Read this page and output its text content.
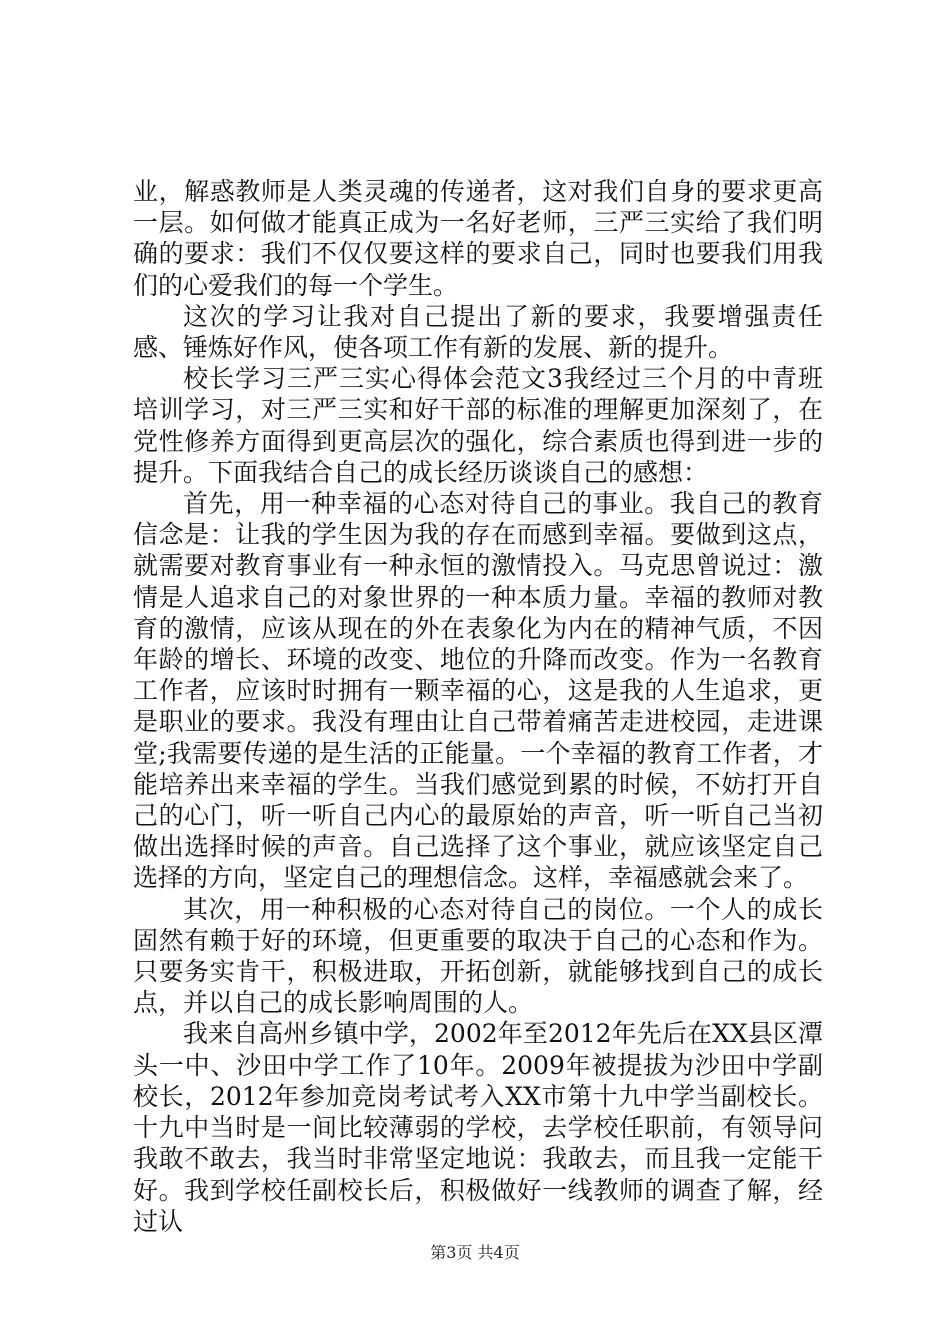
业，解惑教师是人类灵魂的传递者，这对我们自身的要求更高一层。如何做才能真正成为一名好老师，三严三实给了我们明确的要求：我们不仅仅要这样的要求自己，同时也要我们用我们的心爱我们的每一个学生。

这次的学习让我对自己提出了新的要求，我要增强责任感、锤炼好作风，使各项工作有新的发展、新的提升。

校长学习三严三实心得体会范文3我经过三个月的中青班培训学习，对三严三实和好干部的标准的理解更加深刻了，在党性修养方面得到更高层次的强化，综合素质也得到进一步的提升。下面我结合自己的成长经历谈谈自己的感想：

首先，用一种幸福的心态对待自己的事业。我自己的教育信念是：让我的学生因为我的存在而感到幸福。要做到这点，就需要对教育事业有一种永恒的激情投入。马克思曾说过：激情是人追求自己的对象世界的一种本质力量。幸福的教师对教育的激情，应该从现在的外在表象化为内在的精神气质，不因年龄的增长、环境的改变、地位的升降而改变。作为一名教育工作者，应该时时拥有一颗幸福的心，这是我的人生追求，更是职业的要求。我没有理由让自己带着痛苦走进校园，走进课堂;我需要传递的是生活的正能量。一个幸福的教育工作者，才能培养出来幸福的学生。当我们感觉到累的时候，不妨打开自己的心门，听一听自己内心的最原始的声音，听一听自己当初做出选择时候的声音。自己选择了这个事业，就应该坚定自己选择的方向，坚定自己的理想信念。这样，幸福感就会来了。

其次，用一种积极的心态对待自己的岗位。一个人的成长固然有赖于好的环境，但更重要的取决于自己的心态和作为。只要务实肯干，积极进取，开拓创新，就能够找到自己的成长点，并以自己的成长影响周围的人。

我来自高州乡镇中学，2002年至2012年先后在XX县区潭头一中、沙田中学工作了10年。2009年被提拔为沙田中学副校长，2012年参加竞岗考试考入XX市第十九中学当副校长。十九中当时是一间比较薄弱的学校，去学校任职前，有领导问我敢不敢去，我当时非常坚定地说：我敢去，而且我一定能干好。我到学校任副校长后，积极做好一线教师的调查了解，经过认

第3页 共4页
